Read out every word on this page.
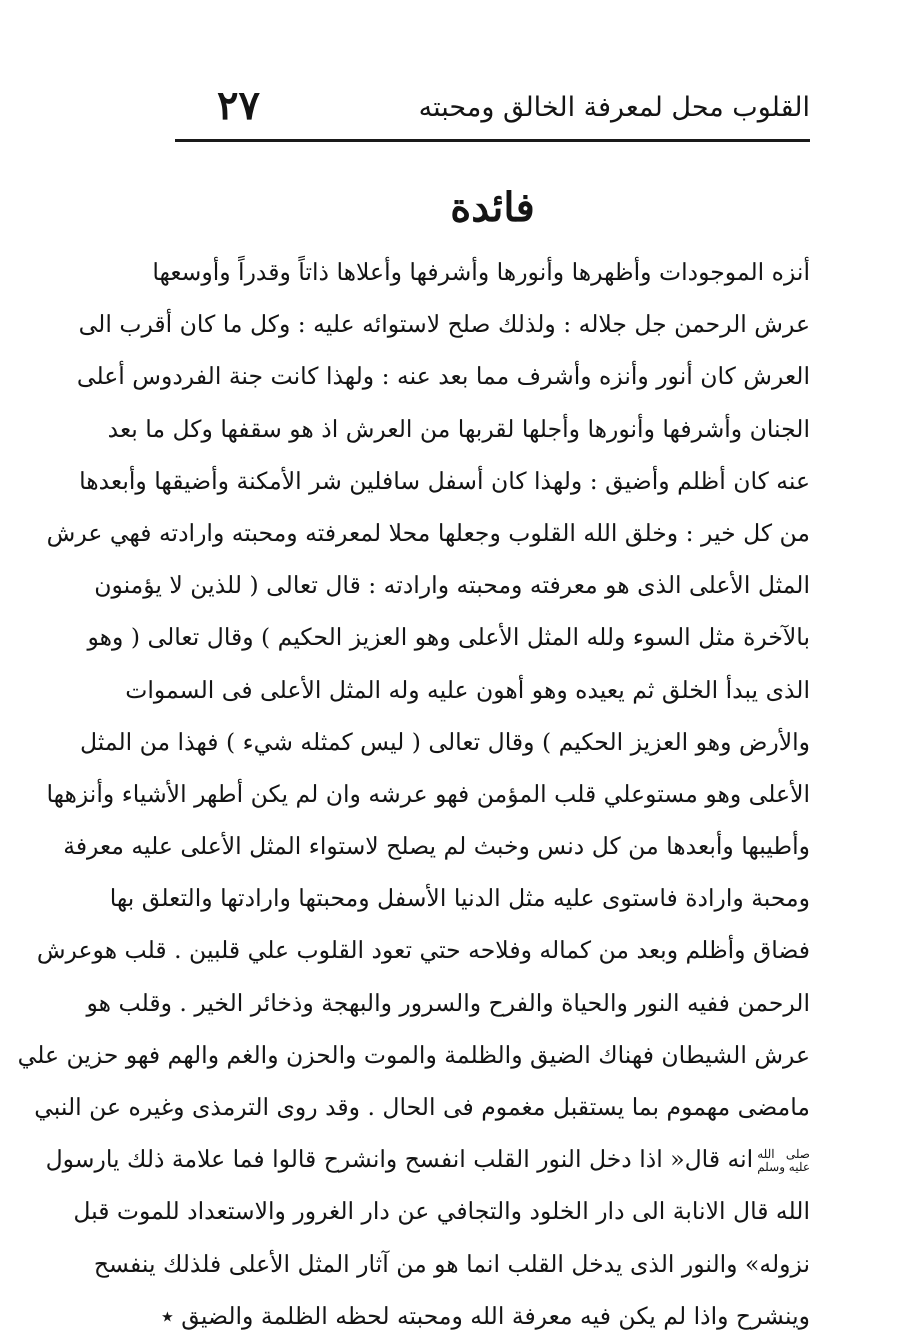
القلوب محل لمعرفة الخالق ومحبته
٢٧
فائدة
أنزه الموجودات وأظهرها وأنورها وأشرفها وأعلاها ذاتاً وقدراً وأوسعها
عرش الرحمن جل جلاله : ولذلك صلح لاستوائه عليه : وكل ما كان أقرب الى
العرش كان أنور وأنزه وأشرف مما بعد عنه : ولهذا كانت جنة الفردوس أعلى
الجنان وأشرفها وأنورها وأجلها لقربها من العرش اذ هو سقفها وكل ما بعد
عنه كان أظلم وأضيق : ولهذا كان أسفل سافلين شر الأمكنة وأضيقها وأبعدها
من كل خير : وخلق الله القلوب وجعلها محلا لمعرفته ومحبته وارادته فهي عرش
المثل الأعلى الذى هو معرفته ومحبته وارادته : قال تعالى ( للذين لا يؤمنون
بالآخرة مثل السوء ولله المثل الأعلى وهو العزيز الحكيم ) وقال تعالى ( وهو
الذى يبدأ الخلق ثم يعيده وهو أهون عليه وله المثل الأعلى فى السموات
والأرض وهو العزيز الحكيم ) وقال تعالى ( ليس كمثله شيء ) فهذا من المثل
الأعلى وهو مستوعلي قلب المؤمن فهو عرشه وان لم يكن أطهر الأشياء وأنزهها
وأطيبها وأبعدها من كل دنس وخبث لم يصلح لاستواء المثل الأعلى عليه معرفة
ومحبة وارادة فاستوى عليه مثل الدنيا الأسفل ومحبتها وارادتها والتعلق بها
فضاق وأظلم وبعد من كماله وفلاحه حتي تعود القلوب علي قلبين . قلب هوعرش
الرحمن ففيه النور والحياة والفرح والسرور والبهجة وذخائر الخير . وقلب هو
عرش الشيطان فهناك الضيق والظلمة والموت والحزن والغم والهم فهو حزين علي
مامضى مهموم بما يستقبل مغموم فى الحال . وقد روى الترمذى وغيره عن النبي
صلى الله
عليه وسلم
انه قال« اذا دخل النور القلب انفسح وانشرح قالوا فما علامة ذلك يارسول
الله قال الانابة الى دار الخلود والتجافي عن دار الغرور والاستعداد للموت قبل
نزوله» والنور الذى يدخل القلب انما هو من آثار المثل الأعلى فلذلك ينفسح
وينشرح واذا لم يكن فيه معرفة الله ومحبته لحظه الظلمة والضيق ٭
